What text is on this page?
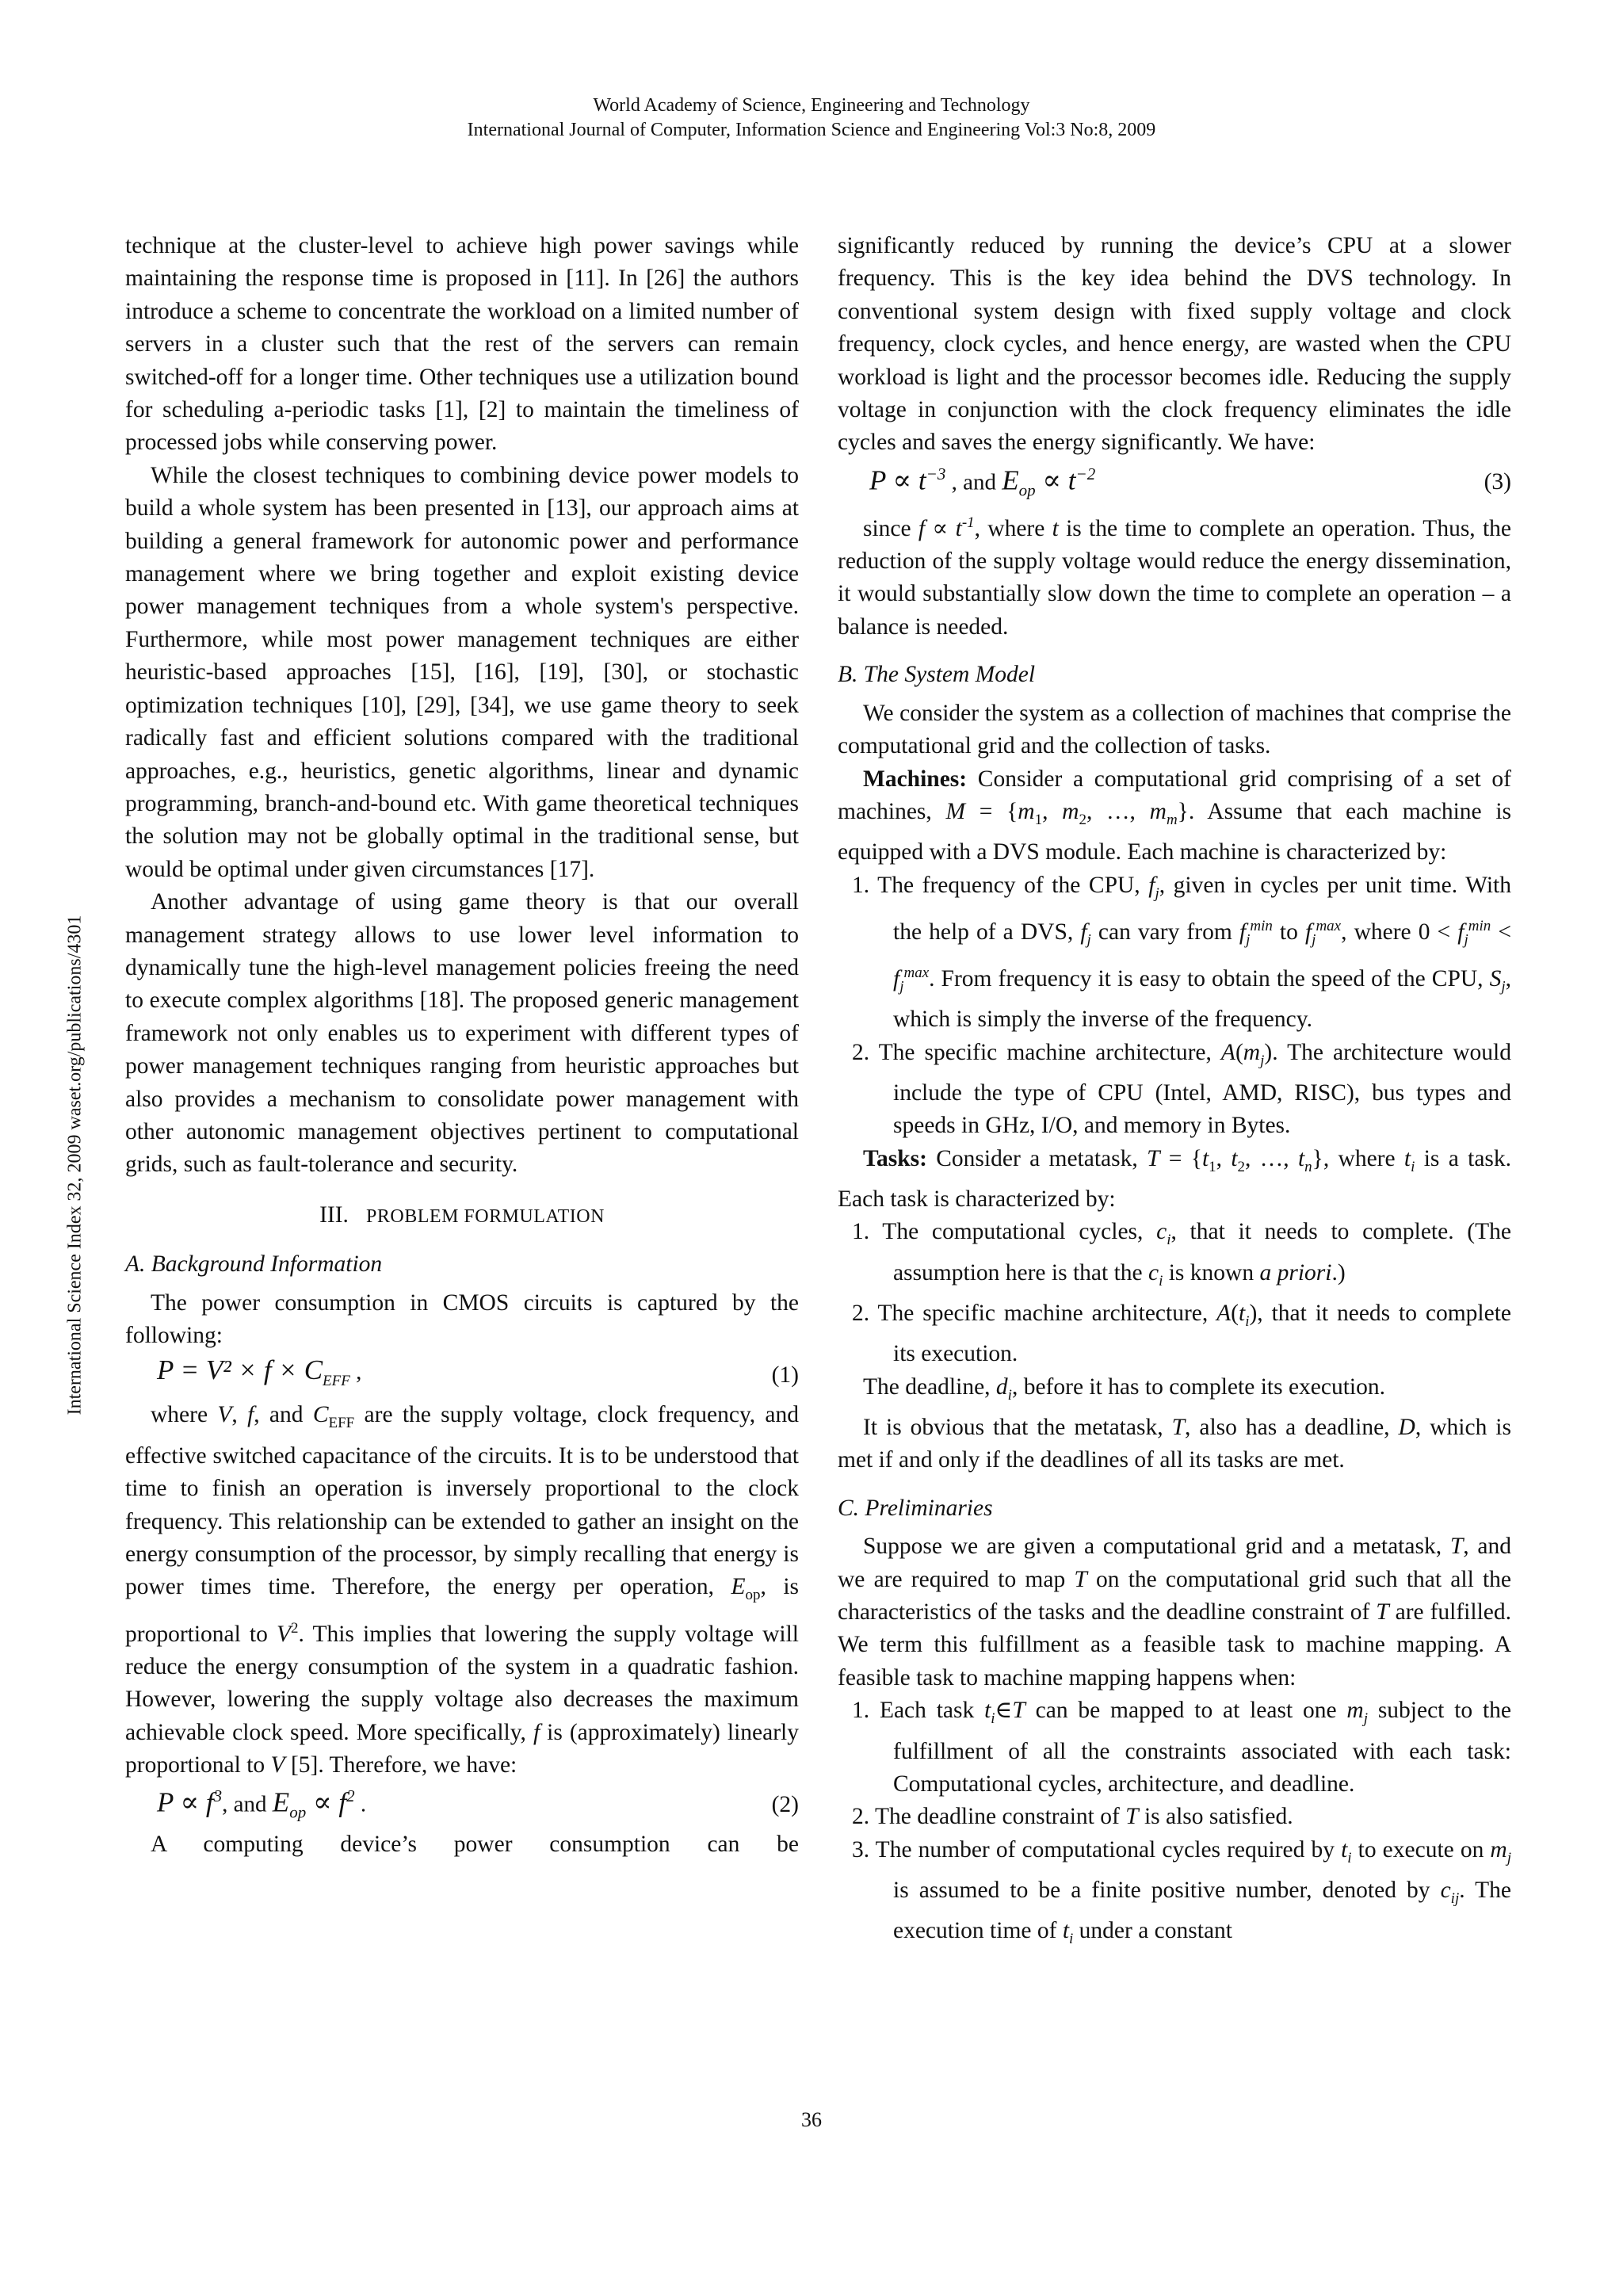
World Academy of Science, Engineering and Technology
International Journal of Computer, Information Science and Engineering Vol:3 No:8, 2009
International Science Index 32, 2009 waset.org/publications/4301

technique at the cluster-level to achieve high power savings while maintaining the response time is proposed in [11]. In [26] the authors introduce a scheme to concentrate the workload on a limited number of servers in a cluster such that the rest of the servers can remain switched-off for a longer time. Other techniques use a utilization bound for scheduling a-periodic tasks [1], [2] to maintain the timeliness of processed jobs while conserving power.

While the closest techniques to combining device power models to build a whole system has been presented in [13], our approach aims at building a general framework for autonomic power and performance management where we bring together and exploit existing device power management techniques from a whole system's perspective. Furthermore, while most power management techniques are either heuristic-based approaches [15], [16], [19], [30], or stochastic optimization techniques [10], [29], [34], we use game theory to seek radically fast and efficient solutions compared with the traditional approaches, e.g., heuristics, genetic algorithms, linear and dynamic programming, branch-and-bound etc. With game theoretical techniques the solution may not be globally optimal in the traditional sense, but would be optimal under given circumstances [17].

Another advantage of using game theory is that our overall management strategy allows to use lower level information to dynamically tune the high-level management policies freeing the need to execute complex algorithms [18]. The proposed generic management framework not only enables us to experiment with different types of power management techniques ranging from heuristic approaches but also provides a mechanism to consolidate power management with other autonomic management objectives pertinent to computational grids, such as fault-tolerance and security.

III. PROBLEM FORMULATION
A. Background Information

The power consumption in CMOS circuits is captured by the following:

$P = V^2 \times f \times C_{EFF}$ ,	(1)

where V, f, and $C_{EFF}$ are the supply voltage, clock frequency, and effective switched capacitance of the circuits. It is to be understood that time to finish an operation is inversely proportional to the clock frequency. This relationship can be extended to gather an insight on the energy consumption of the processor, by simply recalling that energy is power times time. Therefore, the energy per operation, $E_{op}$, is proportional to $V^2$. This implies that lowering the supply voltage will reduce the energy consumption of the system in a quadratic fashion. However, lowering the supply voltage also decreases the maximum achievable clock speed. More specifically, f is (approximately) linearly proportional to V [5]. Therefore, we have:

$P \propto f^3$, and $E_{op} \propto f^2$ .	(2)

A computing device’s power consumption can be

significantly reduced by running the device’s CPU at a slower frequency. This is the key idea behind the DVS technology. In conventional system design with fixed supply voltage and clock frequency, clock cycles, and hence energy, are wasted when the CPU workload is light and the processor becomes idle. Reducing the supply voltage in conjunction with the clock frequency eliminates the idle cycles and saves the energy significantly. We have:

$P \propto t^{-3}$ , and $E_{op} \propto t^{-2}$	(3)

since $f \propto t^{-1}$, where t is the time to complete an operation. Thus, the reduction of the supply voltage would reduce the energy dissemination, it would substantially slow down the time to complete an operation – a balance is needed.

B. The System Model

We consider the system as a collection of machines that comprise the computational grid and the collection of tasks.

Machines: Consider a computational grid comprising of a set of machines, $M = \{m_1$, $m_2$, …, $m_m$}. Assume that each machine is equipped with a DVS module. Each machine is characterized by:

1. The frequency of the CPU, $f_j$, given in cycles per unit time. With the help of a DVS, $f_j$ can vary from $f_j^{min}$ to $f_j^{max}$, where $0 < f_j^{min} < f_j^{max}$. From frequency it is easy to obtain the speed of the CPU, $S_j$, which is simply the inverse of the frequency.
2. The specific machine architecture, $A(m_j)$. The architecture would include the type of CPU (Intel, AMD, RISC), bus types and speeds in GHz, I/O, and memory in Bytes.

Tasks: Consider a metatask, $T = \{t_1$, $t_2$, …, $t_n$}, where $t_i$ is a task. Each task is characterized by:

1. The computational cycles, $c_i$, that it needs to complete. (The assumption here is that the $c_i$ is known a priori.)
2. The specific machine architecture, $A(t_i)$, that it needs to complete its execution.

The deadline, $d_i$, before it has to complete its execution.

It is obvious that the metatask, T, also has a deadline, D, which is met if and only if the deadlines of all its tasks are met.

C. Preliminaries

Suppose we are given a computational grid and a metatask, T, and we are required to map T on the computational grid such that all the characteristics of the tasks and the deadline constraint of T are fulfilled. We term this fulfillment as a feasible task to machine mapping. A feasible task to machine mapping happens when:

1. Each task $t_i\in T$ can be mapped to at least one $m_j$ subject to the fulfillment of all the constraints associated with each task: Computational cycles, architecture, and deadline.
2. The deadline constraint of T is also satisfied.
3. The number of computational cycles required by $t_i$ to execute on $m_j$ is assumed to be a finite positive number, denoted by $c_{ij}$. The execution time of $t_i$ under a constant
36
